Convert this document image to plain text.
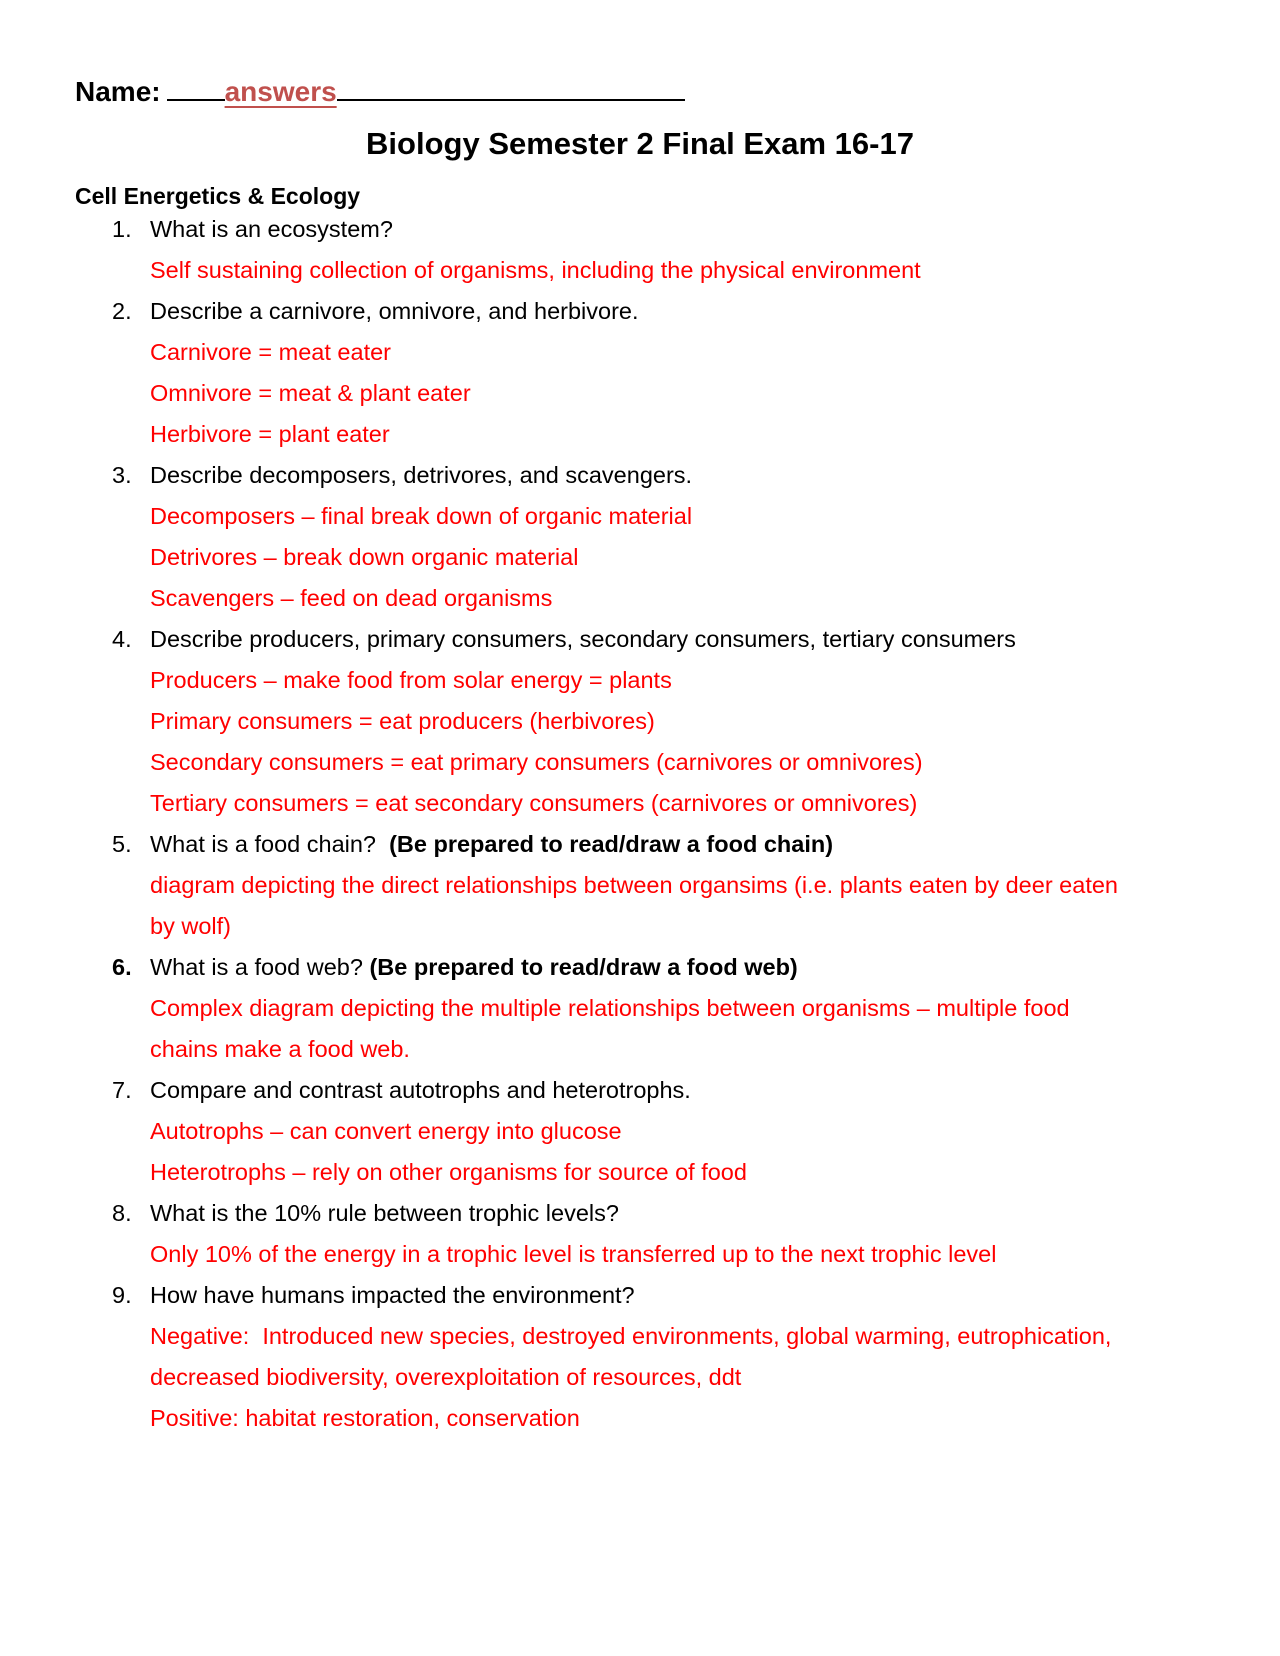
Name: answers
Biology Semester 2 Final Exam 16-17
Cell Energetics & Ecology
1. What is an ecosystem?
Self sustaining collection of organisms, including the physical environment
2. Describe a carnivore, omnivore, and herbivore.
Carnivore = meat eater
Omnivore = meat & plant eater
Herbivore = plant eater
3. Describe decomposers, detrivores, and scavengers.
Decomposers – final break down of organic material
Detrivores – break down organic material
Scavengers – feed on dead organisms
4. Describe producers, primary consumers, secondary consumers, tertiary consumers
Producers – make food from solar energy = plants
Primary consumers = eat producers (herbivores)
Secondary consumers = eat primary consumers (carnivores or omnivores)
Tertiary consumers = eat secondary consumers (carnivores or omnivores)
5. What is a food chain? (Be prepared to read/draw a food chain)
diagram depicting the direct relationships between organsims (i.e. plants eaten by deer eaten
by wolf)
6. What is a food web? (Be prepared to read/draw a food web)
Complex diagram depicting the multiple relationships between organisms – multiple food
chains make a food web.
7. Compare and contrast autotrophs and heterotrophs.
Autotrophs – can convert energy into glucose
Heterotrophs – rely on other organisms for source of food
8. What is the 10% rule between trophic levels?
Only 10% of the energy in a trophic level is transferred up to the next trophic level
9. How have humans impacted the environment?
Negative:  Introduced new species, destroyed environments, global warming, eutrophication,
decreased biodiversity, overexploitation of resources, ddt
Positive: habitat restoration, conservation
